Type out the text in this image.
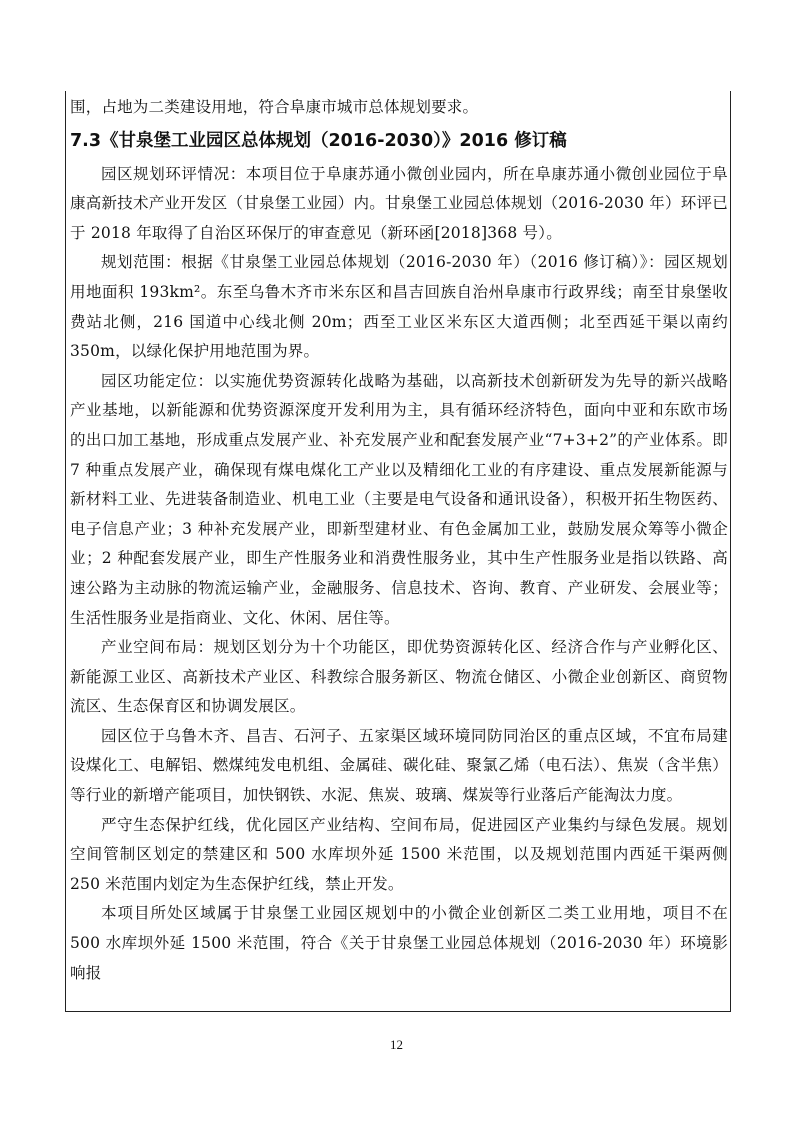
围，占地为二类建设用地，符合阜康市城市总体规划要求。

7.3《甘泉堡工业园区总体规划（2016-2030）》2016 修订稿

园区规划环评情况：本项目位于阜康苏通小微创业园内，所在阜康苏通小微创业园位于阜康高新技术产业开发区（甘泉堡工业园）内。甘泉堡工业园总体规划（2016-2030 年）环评已于 2018 年取得了自治区环保厅的审查意见（新环函[2018]368 号）。

规划范围：根据《甘泉堡工业园总体规划（2016-2030 年）（2016 修订稿）》：园区规划用地面积 193km²。东至乌鲁木齐市米东区和昌吉回族自治州阜康市行政界线；南至甘泉堡收费站北侧，216 国道中心线北侧 20m；西至工业区米东区大道西侧；北至西延干渠以南约 350m，以绿化保护用地范围为界。

园区功能定位：以实施优势资源转化战略为基础，以高新技术创新研发为先导的新兴战略产业基地，以新能源和优势资源深度开发利用为主，具有循环经济特色，面向中亚和东欧市场的出口加工基地，形成重点发展产业、补充发展产业和配套发展产业“7+3+2”的产业体系。即 7 种重点发展产业，确保现有煤电煤化工产业以及精细化工业的有序建设、重点发展新能源与新材料工业、先进装备制造业、机电工业（主要是电气设备和通讯设备），积极开拓生物医药、电子信息产业；3 种补充发展产业，即新型建材业、有色金属加工业，鼓励发展众筹等小微企业；2 种配套发展产业，即生产性服务业和消费性服务业，其中生产性服务业是指以铁路、高速公路为主动脉的物流运输产业，金融服务、信息技术、咨询、教育、产业研发、会展业等；生活性服务业是指商业、文化、休闲、居住等。

产业空间布局：规划区划分为十个功能区，即优势资源转化区、经济合作与产业孵化区、新能源工业区、高新技术产业区、科教综合服务新区、物流仓储区、小微企业创新区、商贸物流区、生态保育区和协调发展区。

园区位于乌鲁木齐、昌吉、石河子、五家渠区域环境同防同治区的重点区域，不宜布局建设煤化工、电解铝、燃煤纯发电机组、金属硅、碳化硅、聚氯乙烯（电石法）、焦炭（含半焦）等行业的新增产能项目，加快钢铁、水泥、焦炭、玻璃、煤炭等行业落后产能淘汰力度。

严守生态保护红线，优化园区产业结构、空间布局，促进园区产业集约与绿色发展。规划空间管制区划定的禁建区和 500 水库坝外延 1500 米范围，以及规划范围内西延干渠两侧 250 米范围内划定为生态保护红线，禁止开发。

本项目所处区域属于甘泉堡工业园区规划中的小微企业创新区二类工业用地，项目不在 500 水库坝外延 1500 米范围，符合《关于甘泉堡工业园总体规划（2016-2030 年）环境影响报

12
